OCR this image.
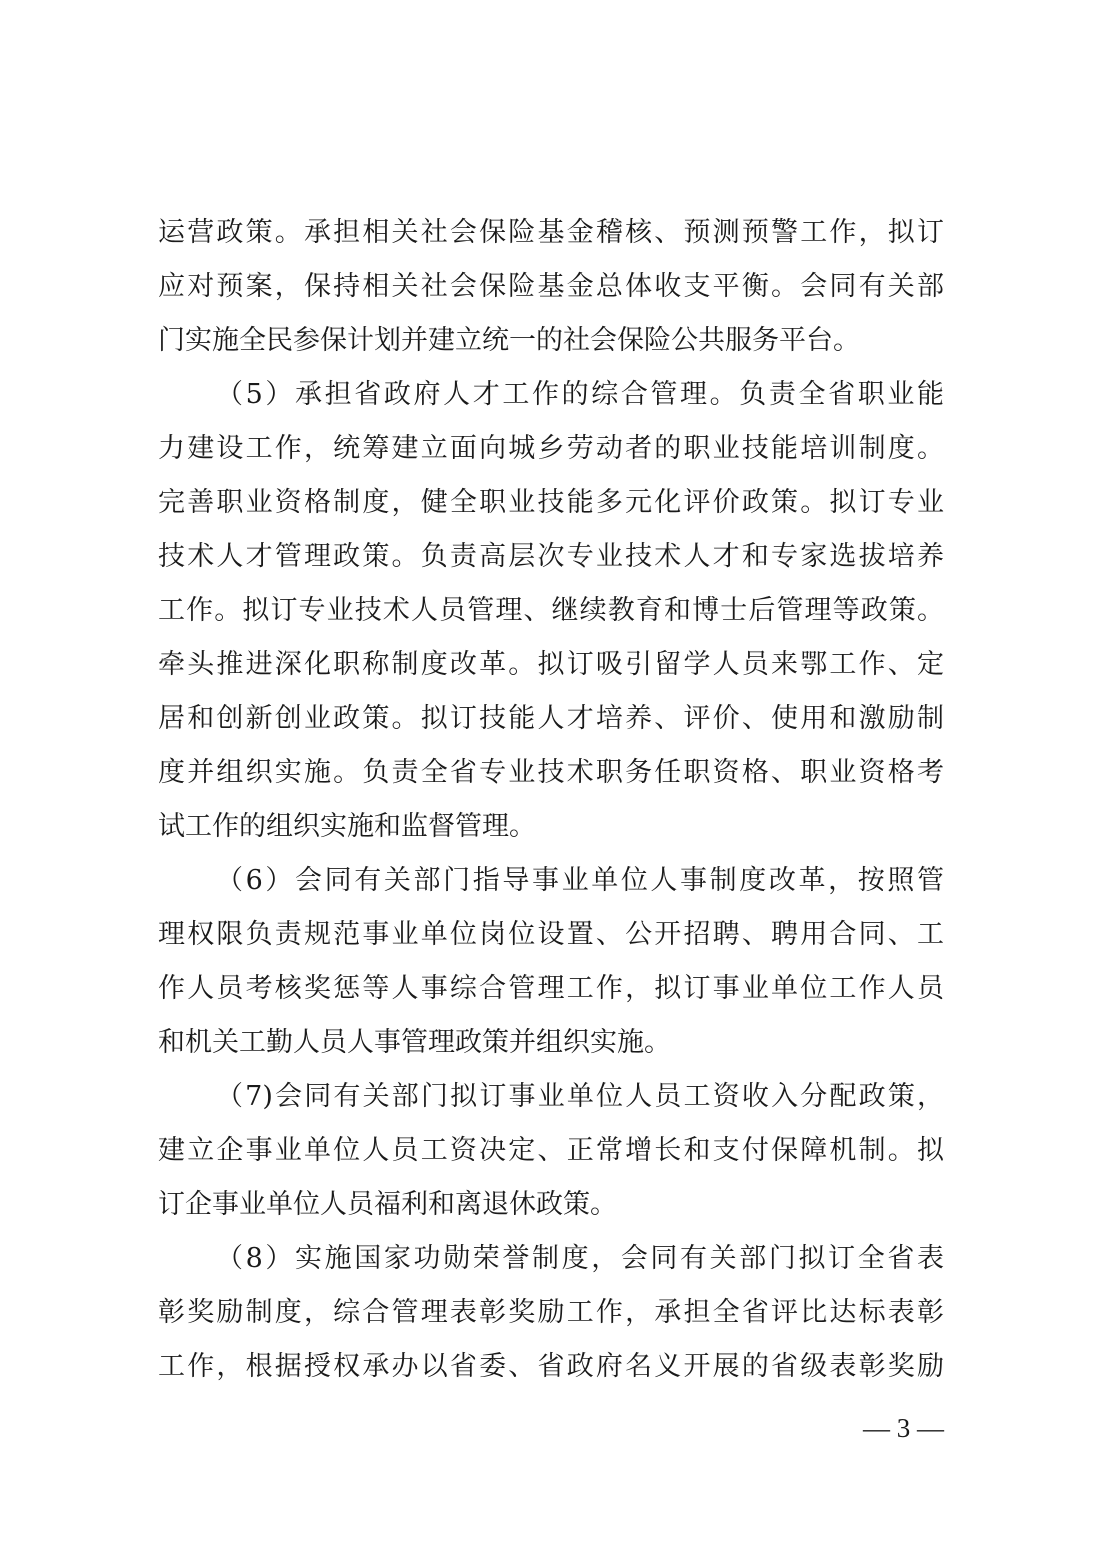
运营政策。承担相关社会保险基金稽核、预测预警工作，拟订
应对预案，保持相关社会保险基金总体收支平衡。会同有关部
门实施全民参保计划并建立统一的社会保险公共服务平台。
（5）承担省政府人才工作的综合管理。负责全省职业能
力建设工作，统筹建立面向城乡劳动者的职业技能培训制度。
完善职业资格制度，健全职业技能多元化评价政策。拟订专业
技术人才管理政策。负责高层次专业技术人才和专家选拔培养
工作。拟订专业技术人员管理、继续教育和博士后管理等政策。
牵头推进深化职称制度改革。拟订吸引留学人员来鄂工作、定
居和创新创业政策。拟订技能人才培养、评价、使用和激励制
度并组织实施。负责全省专业技术职务任职资格、职业资格考
试工作的组织实施和监督管理。
（6）会同有关部门指导事业单位人事制度改革，按照管
理权限负责规范事业单位岗位设置、公开招聘、聘用合同、工
作人员考核奖惩等人事综合管理工作，拟订事业单位工作人员
和机关工勤人员人事管理政策并组织实施。
（7)会同有关部门拟订事业单位人员工资收入分配政策，
建立企事业单位人员工资决定、正常增长和支付保障机制。拟
订企事业单位人员福利和离退休政策。
（8）实施国家功勋荣誉制度，会同有关部门拟订全省表
彰奖励制度，综合管理表彰奖励工作，承担全省评比达标表彰
工作，根据授权承办以省委、省政府名义开展的省级表彰奖励
— 3 —
